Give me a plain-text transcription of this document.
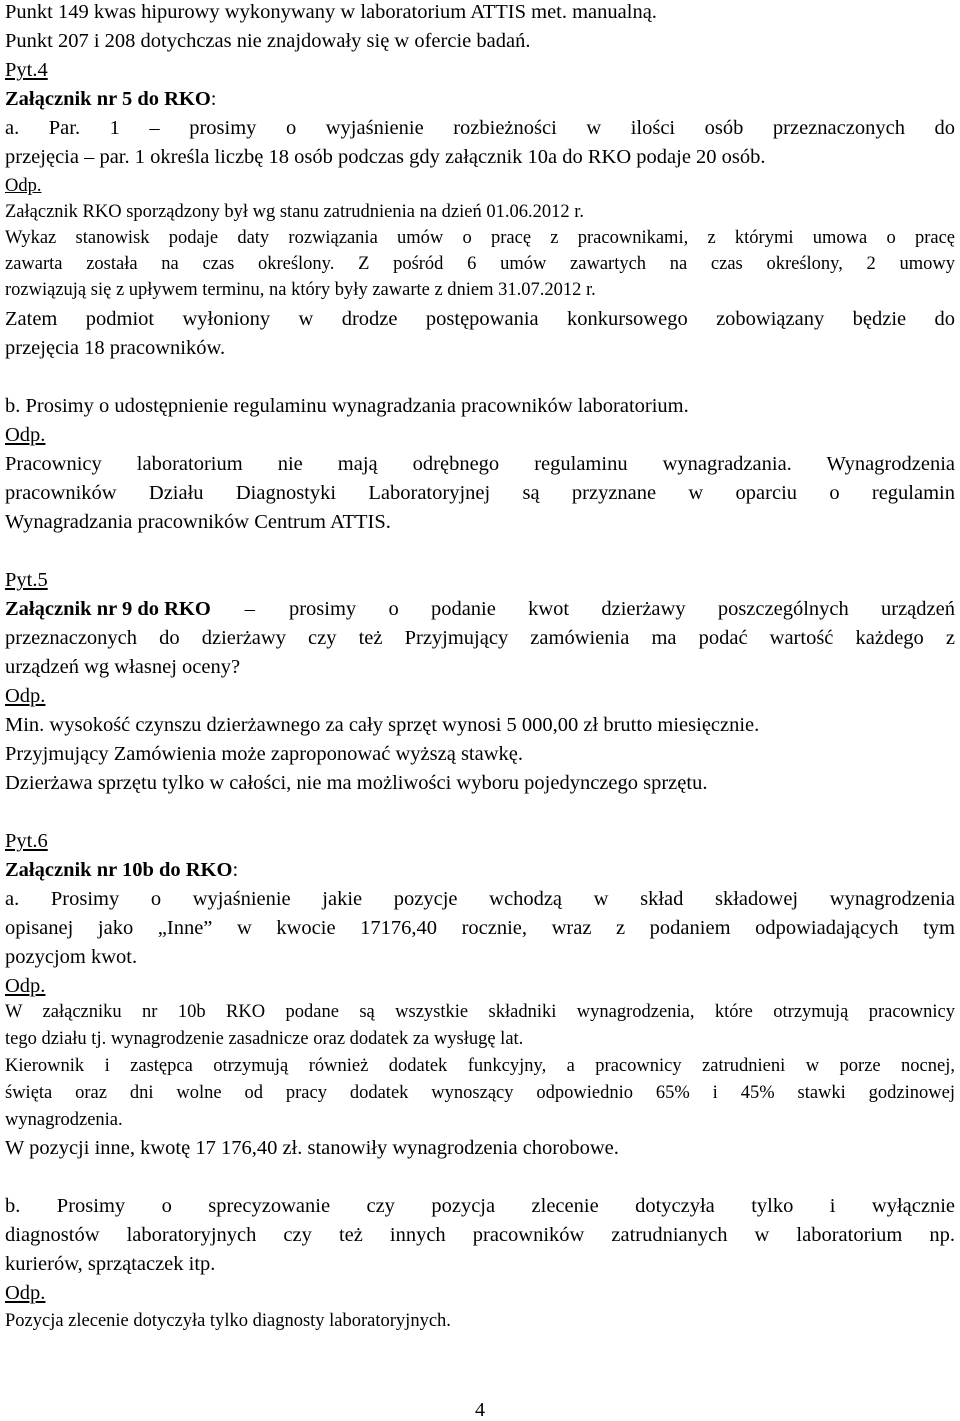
Punkt 149 kwas hipurowy wykonywany w laboratorium ATTIS met. manualną.
Punkt 207 i 208 dotychczas nie znajdowały się w ofercie badań.
Pyt.4
Załącznik nr 5 do RKO:
a. Par. 1 – prosimy o wyjaśnienie rozbieżności w ilości osób przeznaczonych do
przejęcia – par. 1 określa liczbę 18 osób podczas gdy załącznik 10a do RKO podaje 20 osób.
Odp.
Załącznik RKO sporządzony był wg stanu zatrudnienia na dzień 01.06.2012 r.
Wykaz stanowisk podaje daty rozwiązania umów o pracę z pracownikami, z którymi umowa o pracę
zawarta została na czas określony. Z pośród 6 umów zawartych na czas określony, 2 umowy
rozwiązują się z upływem terminu, na który były zawarte z dniem 31.07.2012 r.
Zatem podmiot wyłoniony w drodze postępowania konkursowego zobowiązany będzie do
przejęcia 18 pracowników.
b. Prosimy o udostępnienie regulaminu wynagradzania pracowników laboratorium.
Odp.
Pracownicy laboratorium nie mają odrębnego regulaminu wynagradzania. Wynagrodzenia
pracowników Działu Diagnostyki Laboratoryjnej są przyznane w oparciu o regulamin
Wynagradzania pracowników Centrum ATTIS.
Pyt.5
Załącznik nr 9 do RKO – prosimy o podanie kwot dzierżawy poszczególnych urządzeń
przeznaczonych do dzierżawy czy też Przyjmujący zamówienia ma podać wartość każdego z
urządzeń wg własnej oceny?
Odp.
Min. wysokość czynszu dzierżawnego za cały sprzęt wynosi 5 000,00 zł brutto miesięcznie.
Przyjmujący Zamówienia może zaproponować wyższą stawkę.
Dzierżawa sprzętu tylko w całości, nie ma możliwości wyboru pojedynczego sprzętu.
Pyt.6
Załącznik nr 10b do RKO:
a. Prosimy o wyjaśnienie jakie pozycje wchodzą w skład składowej wynagrodzenia
opisanej jako „Inne” w kwocie 17176,40 rocznie, wraz z podaniem odpowiadających tym
pozycjom kwot.
Odp.
W załączniku nr 10b RKO podane są wszystkie składniki wynagrodzenia, które otrzymują pracownicy
tego działu tj. wynagrodzenie zasadnicze oraz dodatek za wysługę lat.
Kierownik i zastępca otrzymują również dodatek funkcyjny, a pracownicy zatrudnieni w porze nocnej,
święta oraz dni wolne od pracy dodatek wynoszący odpowiednio 65% i 45% stawki godzinowej
wynagrodzenia.
W pozycji inne, kwotę 17 176,40 zł. stanowiły wynagrodzenia chorobowe.
b. Prosimy o sprecyzowanie czy pozycja zlecenie dotyczyła tylko i wyłącznie
diagnostów laboratoryjnych czy też innych pracowników zatrudnianych w laboratorium np.
kurierów, sprzątaczek itp.
Odp.
Pozycja zlecenie dotyczyła tylko diagnosty laboratoryjnych.
4
